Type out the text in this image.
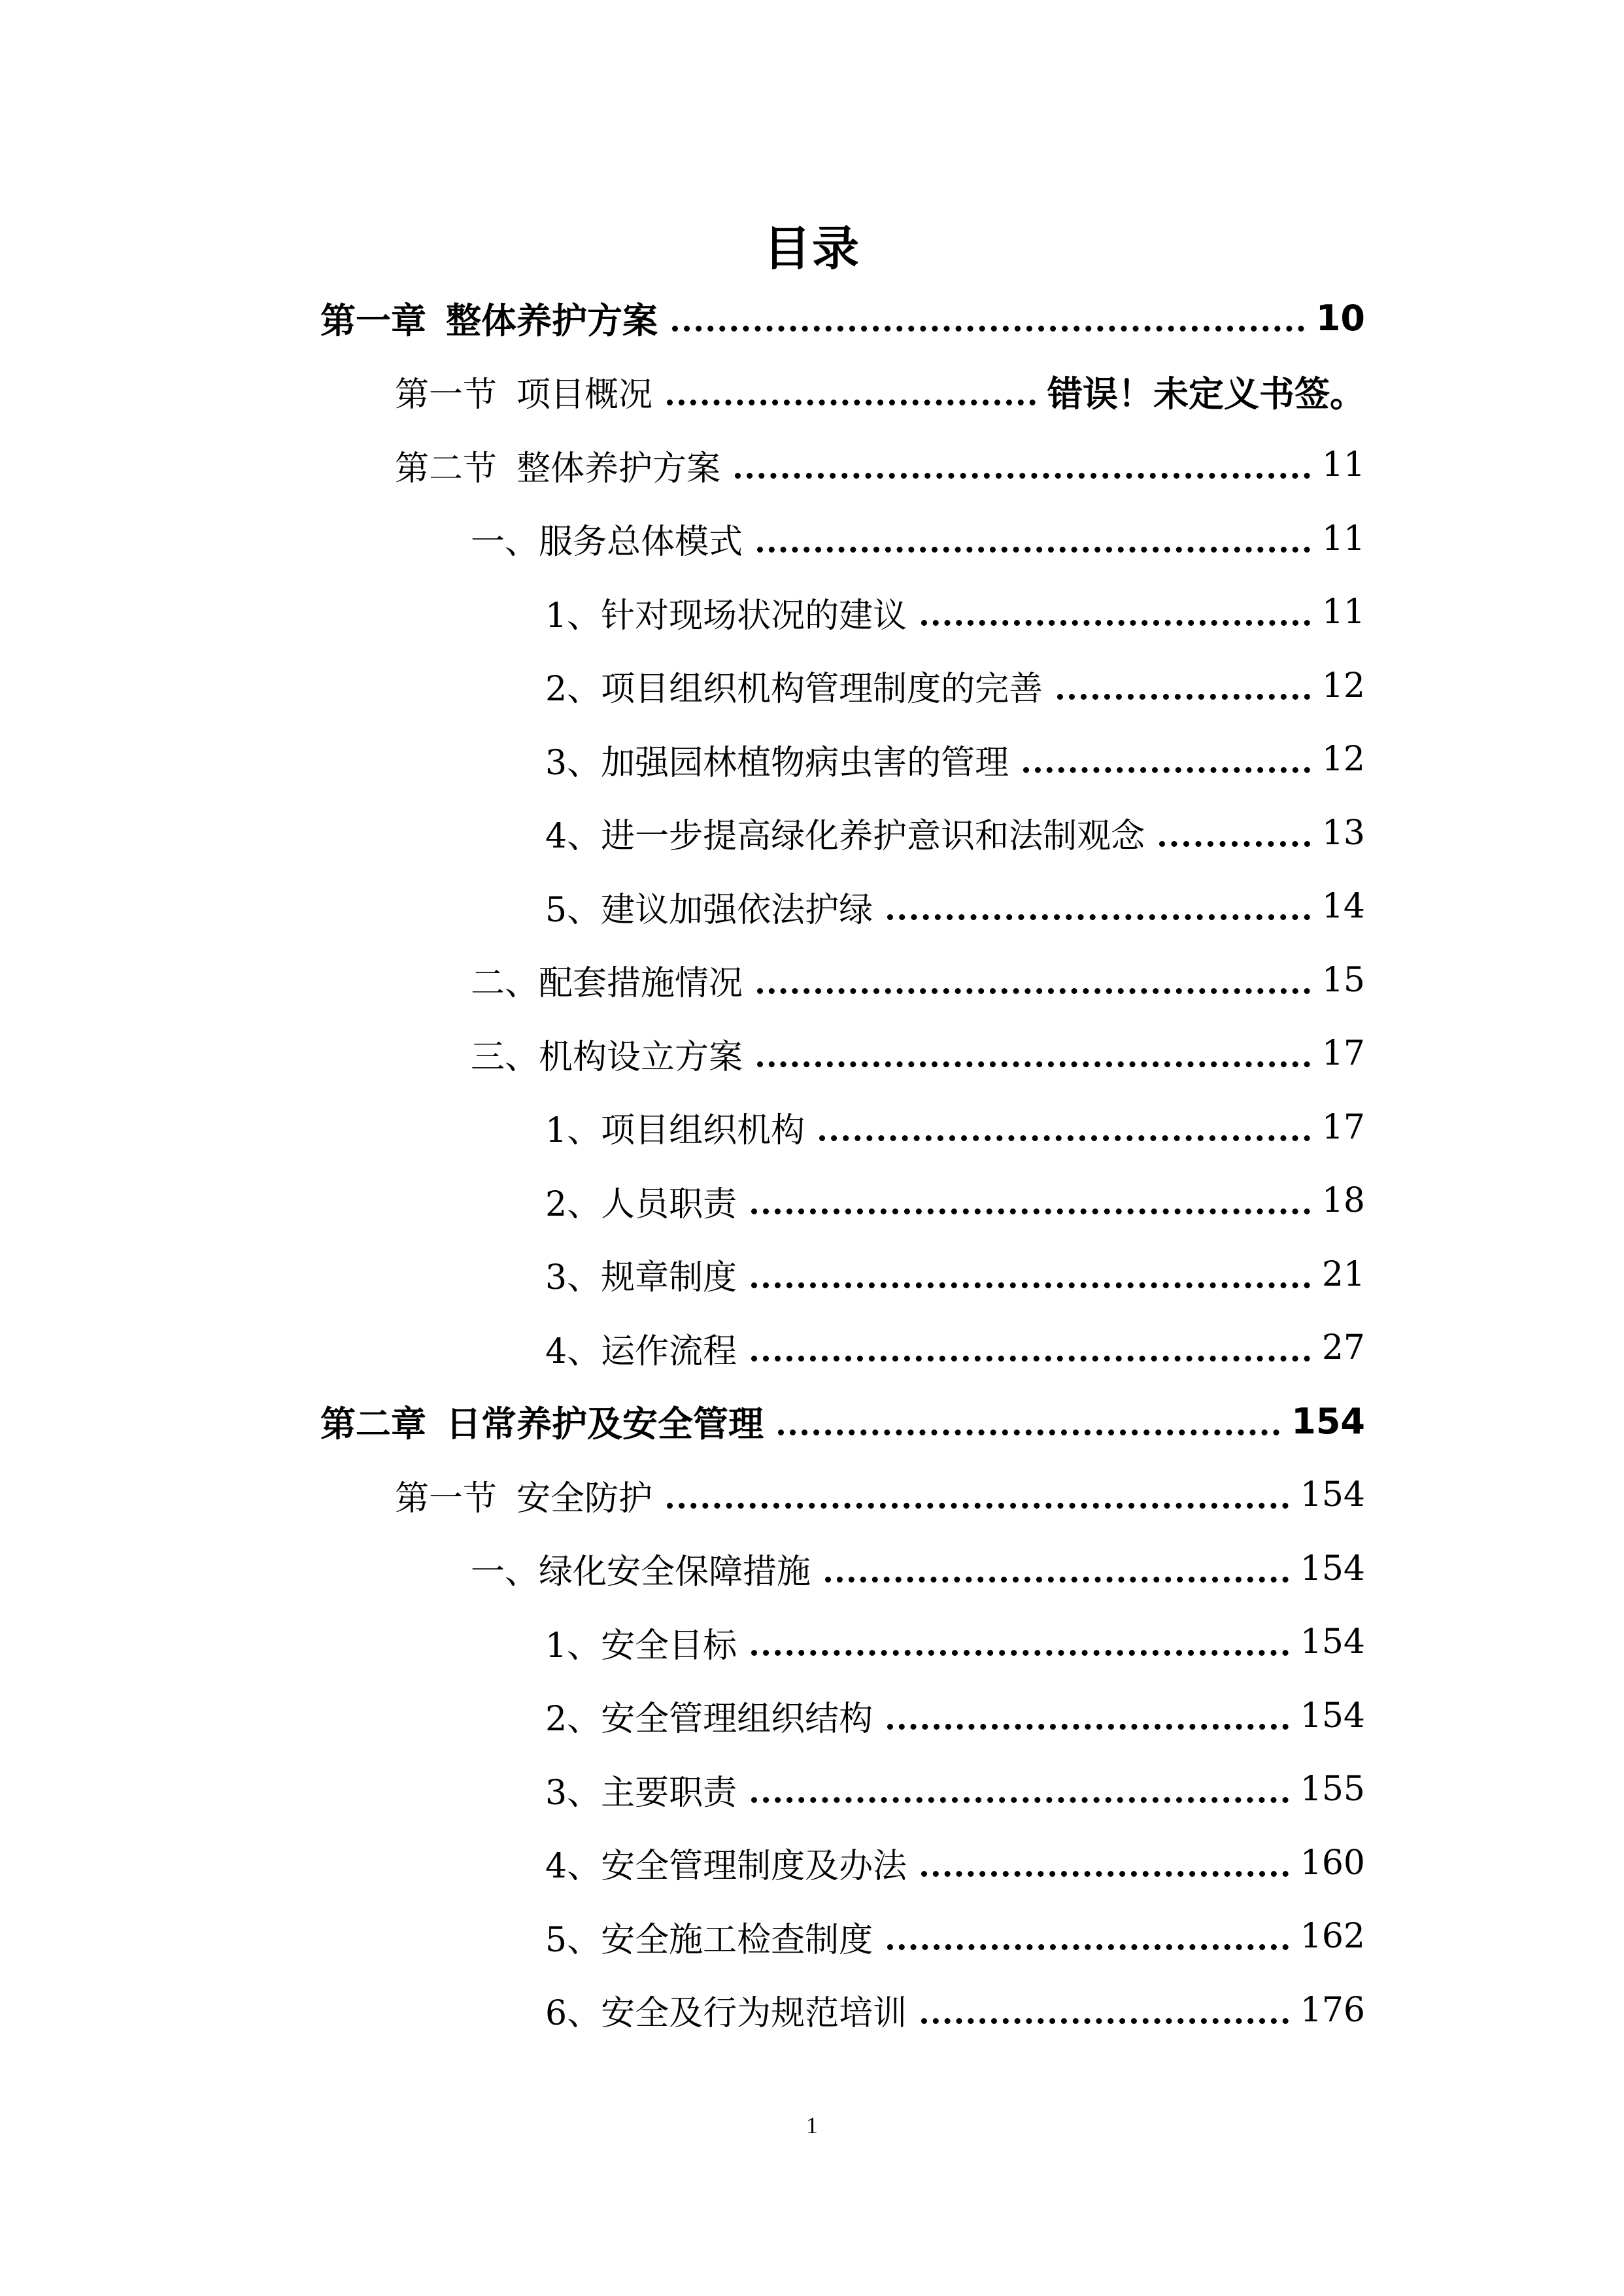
目录
第一章 整体养护方案	10
第一节 项目概况	错误！未定义书签。
第二节 整体养护方案	11
一、服务总体模式	11
1、针对现场状况的建议	11
2、项目组织机构管理制度的完善	12
3、加强园林植物病虫害的管理	12
4、进一步提高绿化养护意识和法制观念	13
5、建议加强依法护绿	14
二、配套措施情况	15
三、机构设立方案	17
1、项目组织机构	17
2、人员职责	18
3、规章制度	21
4、运作流程	27
第二章 日常养护及安全管理	154
第一节 安全防护	154
一、绿化安全保障措施	154
1、安全目标	154
2、安全管理组织结构	154
3、主要职责	155
4、安全管理制度及办法	160
5、安全施工检查制度	162
6、安全及行为规范培训	176
1
